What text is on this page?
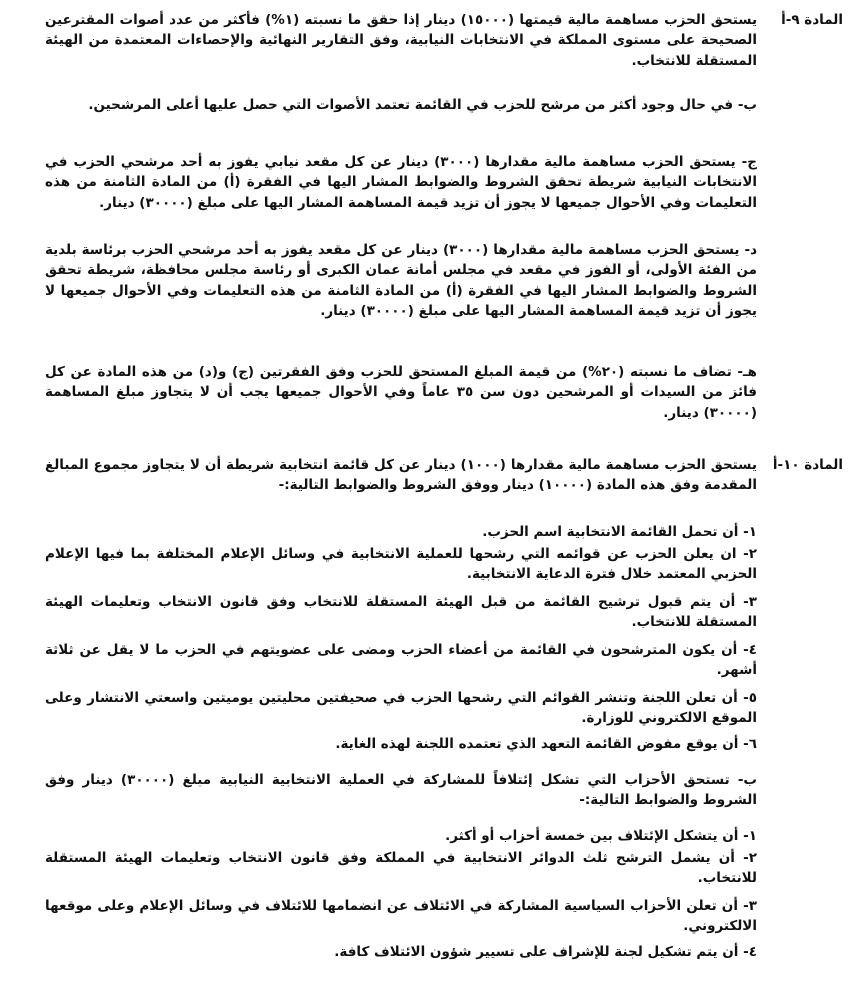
المادة ٩-أ

يستحق الحزب مساهمة مالية قيمتها (١٥٠٠٠) دينار إذا حقق ما نسبته (١%) فأكثر من عدد أصوات المقترعين الصحيحة على مستوى المملكة في الانتخابات النيابية، وفق التقارير النهائية والإحصاءات المعتمدة من الهيئة المستقلة للانتخاب.

ب- في حال وجود أكثر من مرشح للحزب في القائمة تعتمد الأصوات التي حصل عليها أعلى المرشحين.

ج- يستحق الحزب مساهمة مالية مقدارها (٣٠٠٠) دينار عن كل مقعد نيابي يفوز به أحد مرشحي الحزب في الانتخابات النيابية شريطة تحقق الشروط والضوابط المشار اليها في الفقرة (أ) من المادة الثامنة من هذه التعليمات وفي الأحوال جميعها لا يجوز أن تزيد قيمة المساهمة المشار اليها على مبلغ (٣٠٠٠٠) دينار.

د- يستحق الحزب مساهمة مالية مقدارها (٣٠٠٠) دينار عن كل مقعد يفوز به أحد مرشحي الحزب برئاسة بلدية من الفئة الأولى، أو الفوز في مقعد في مجلس أمانة عمان الكبرى أو رئاسة مجلس محافظة، شريطة تحقق الشروط والضوابط المشار اليها في الفقرة (أ) من المادة الثامنة من هذه التعليمات وفي الأحوال جميعها لا يجوز أن تزيد قيمة المساهمة المشار اليها على مبلغ (٣٠٠٠٠) دينار.

هـ- تضاف ما نسبته (٢٠%) من قيمة المبلغ المستحق للحزب وفق الفقرتين (ج) و(د) من هذه المادة عن كل فائز من السيدات أو المرشحين دون سن ٣٥ عاماً وفي الأحوال جميعها يجب أن لا يتجاوز مبلغ المساهمة (٣٠٠٠٠) دينار.

المادة ١٠-أ

يستحق الحزب مساهمة مالية مقدارها (١٠٠٠) دينار عن كل قائمة انتخابية شريطة أن لا يتجاوز مجموع المبالغ المقدمة وفق هذه المادة (١٠٠٠٠) دينار ووفق الشروط والضوابط التالية:-

١- أن تحمل القائمة الانتخابية اسم الحزب.

٢- ان يعلن الحزب عن قوائمه التي رشحها للعملية الانتخابية في وسائل الإعلام المختلفة بما فيها الإعلام الحزبي المعتمد خلال فترة الدعاية الانتخابية.

٣- أن يتم قبول ترشيح القائمة من قبل الهيئة المستقلة للانتخاب وفق قانون الانتخاب وتعليمات الهيئة المستقلة للانتخاب.

٤- أن يكون المترشحون في القائمة من أعضاء الحزب ومضى على عضويتهم في الحزب ما لا يقل عن ثلاثة أشهر.

٥- أن تعلن اللجنة وتنشر القوائم التي رشحها الحزب في صحيفتين محليتين يوميتين واسعتي الانتشار وعلى الموقع الالكتروني للوزارة.

٦- أن يوقع مفوض القائمة التعهد الذي تعتمده اللجنة لهذه الغاية.

ب- تستحق الأحزاب التي تشكل إئتلافاً للمشاركة في العملية الانتخابية النيابية مبلغ (٣٠٠٠٠) دينار وفق الشروط والضوابط التالية:-

١- أن يتشكل الإئتلاف بين خمسة أحزاب أو أكثر.

٢- أن يشمل الترشح ثلث الدوائر الانتخابية في المملكة وفق قانون الانتخاب وتعليمات الهيئة المستقلة للانتخاب.

٣- أن تعلن الأحزاب السياسية المشاركة في الائتلاف عن انضمامها للائتلاف في وسائل الإعلام وعلى موقعها الالكتروني.

٤- أن يتم تشكيل لجنة للإشراف على تسيير شؤون الائتلاف كافة.
